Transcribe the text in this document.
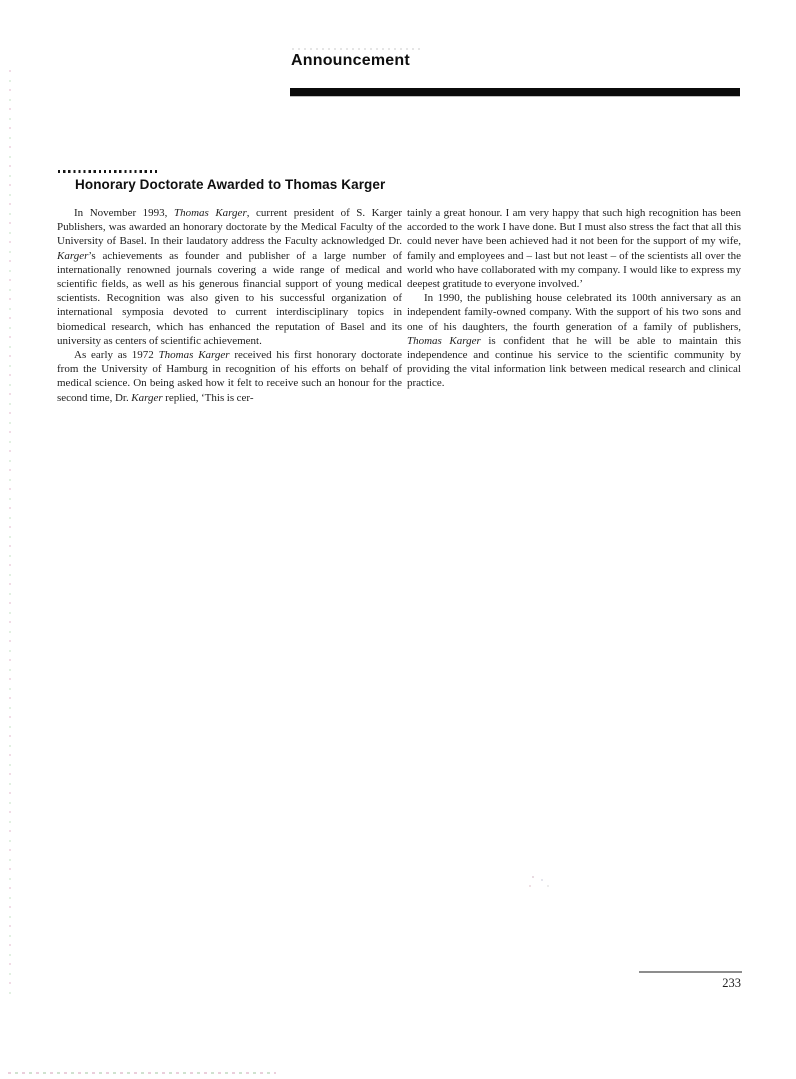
Announcement
Honorary Doctorate Awarded to Thomas Karger

In November 1993, Thomas Karger, current president of S. Karger Publishers, was awarded an honorary doctorate by the Medical Faculty of the University of Basel. In their laudatory address the Faculty acknowledged Dr. Karger’s achievements as founder and publisher of a large number of internationally renowned journals covering a wide range of medical and scientific fields, as well as his generous financial support of young medical scientists. Recognition was also given to his successful organization of international symposia devoted to current interdisciplinary topics in biomedical research, which has enhanced the reputation of Basel and its university as centers of scientific achievement.

As early as 1972 Thomas Karger received his first honorary doctorate from the University of Hamburg in recognition of his efforts on behalf of medical science. On being asked how it felt to receive such an honour for the second time, Dr. Karger replied, ‘This is cer-

tainly a great honour. I am very happy that such high recognition has been accorded to the work I have done. But I must also stress the fact that all this could never have been achieved had it not been for the support of my wife, family and employees and – last but not least – of the scientists all over the world who have collaborated with my company. I would like to express my deepest gratitude to everyone involved.’

In 1990, the publishing house celebrated its 100th anniversary as an independent family-owned company. With the support of his two sons and one of his daughters, the fourth generation of a family of publishers, Thomas Karger is confident that he will be able to maintain this independence and continue his service to the scientific community by providing the vital information link between medical research and clinical practice.

233
